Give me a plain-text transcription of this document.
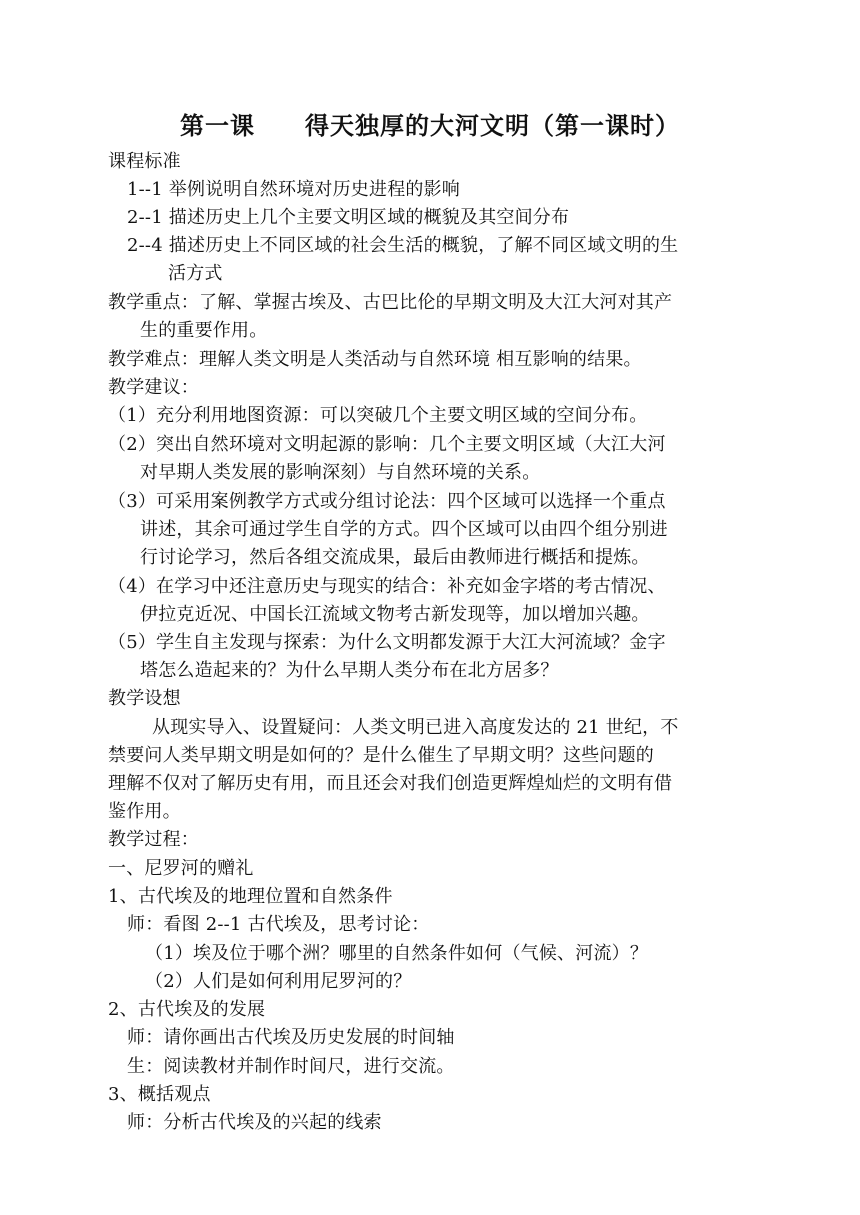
第一课　　得天独厚的大河文明（第一课时）
课程标准
1--1 举例说明自然环境对历史进程的影响
2--1 描述历史上几个主要文明区域的概貌及其空间分布
2--4 描述历史上不同区域的社会生活的概貌，了解不同区域文明的生
活方式
教学重点：了解、掌握古埃及、古巴比伦的早期文明及大江大河对其产
生的重要作用。
教学难点：理解人类文明是人类活动与自然环境 相互影响的结果。
教学建议：
（1）充分利用地图资源：可以突破几个主要文明区域的空间分布。
（2）突出自然环境对文明起源的影响：几个主要文明区域（大江大河
对早期人类发展的影响深刻）与自然环境的关系。
（3）可采用案例教学方式或分组讨论法：四个区域可以选择一个重点
讲述，其余可通过学生自学的方式。四个区域可以由四个组分别进
行讨论学习，然后各组交流成果，最后由教师进行概括和提炼。
（4）在学习中还注意历史与现实的结合：补充如金字塔的考古情况、
伊拉克近况、中国长江流域文物考古新发现等，加以增加兴趣。
（5）学生自主发现与探索：为什么文明都发源于大江大河流域？金字
塔怎么造起来的？为什么早期人类分布在北方居多？
教学设想
从现实导入、设置疑问：人类文明已进入高度发达的 21 世纪，不
禁要问人类早期文明是如何的？是什么催生了早期文明？这些问题的
理解不仅对了解历史有用，而且还会对我们创造更辉煌灿烂的文明有借
鉴作用。
教学过程：
一、尼罗河的赠礼
1、古代埃及的地理位置和自然条件
师：看图 2--1 古代埃及，思考讨论：
（1）埃及位于哪个洲？哪里的自然条件如何（气候、河流）？
（2）人们是如何利用尼罗河的？
2、古代埃及的发展
师：请你画出古代埃及历史发展的时间轴
生：阅读教材并制作时间尺，进行交流。
3、概括观点
师：分析古代埃及的兴起的线索
